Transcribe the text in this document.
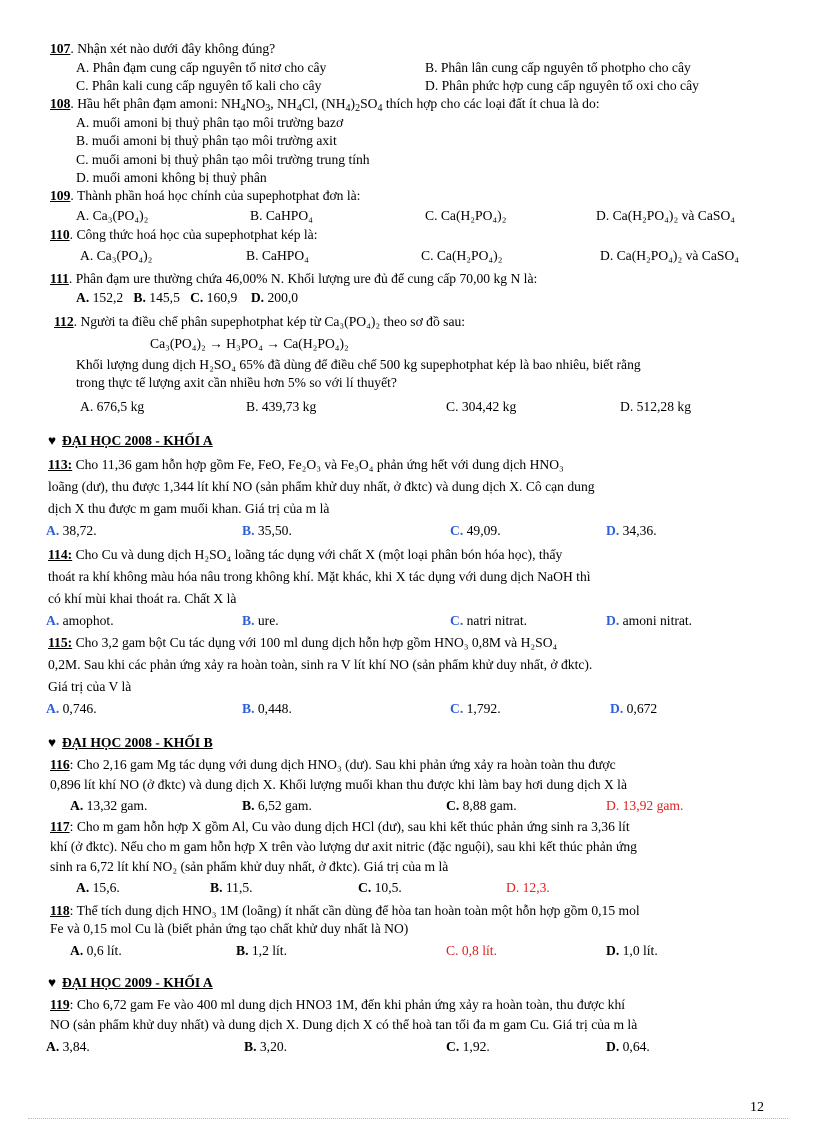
107. Nhận xét nào dưới đây không đúng?
A. Phân đạm cung cấp nguyên tố nitơ cho cây	B. Phân lân cung cấp nguyên tố photpho cho cây
C. Phân kali cung cấp nguyên tố kali cho cây	D. Phân phức hợp cung cấp nguyên tố oxi cho cây
108. Hầu hết phân đạm amoni: $NH_4NO_3$, $NH_4Cl$, $(NH_4)_2SO_4$ thích hợp cho các loại đất ít chua là do:
A. muối amoni bị thuỷ phân tạo môi trường bazơ
B. muối amoni bị thuỷ phân tạo môi trường axit
C. muối amoni bị thuỷ phân tạo môi trường trung tính
D. muối amoni không bị thuỷ phân
109. Thành phần hoá học chính của supephotphat đơn là:
A. Ca₃(PO₄)₂	B. CaHPO₄	C. Ca(H₂PO₄)₂	D. Ca(H₂PO₄)₂ và CaSO₄
110. Công thức hoá học của supephotphat kép là:
A. Ca₃(PO₄)₂	B. CaHPO₄	C. Ca(H₂PO₄)₂	D. Ca(H₂PO₄)₂ và CaSO₄
111. Phân đạm ure thường chứa 46,00% N. Khối lượng ure đủ để cung cấp 70,00 kg N là:
A. 152,2 B. 145,5 C. 160,9 D. 200,0
112. Người ta điều chế phân supephotphat kép từ Ca₃(PO₄)₂ theo sơ đồ sau:
Ca₃(PO₄)₂ → H₃PO₄ → Ca(H₂PO₄)₂
Khối lượng dung dịch H₂SO₄ 65% đã dùng để điều chế 500 kg supephotphat kép là bao nhiêu, biết rằng
trong thực tế lượng axit cần nhiều hơn 5% so với lí thuyết?
A. 676,5 kg	B. 439,73 kg	C. 304,42 kg	D. 512,28 kg
♥ ĐẠI HỌC 2008 - KHỐI A
113: Cho 11,36 gam hỗn hợp gồm Fe, FeO, Fe₂O₃ và Fe₃O₄ phản ứng hết với dung dịch HNO₃
loãng (dư), thu được 1,344 lít khí NO (sản phẩm khử duy nhất, ở đktc) và dung dịch X. Cô cạn dung
dịch X thu được m gam muối khan. Giá trị của m là
A. 38,72.	B. 35,50.	C. 49,09.	D. 34,36.
114: Cho Cu và dung dịch H₂SO₄ loãng tác dụng với chất X (một loại phân bón hóa học), thấy
thoát ra khí không màu hóa nâu trong không khí. Mặt khác, khi X tác dụng với dung dịch NaOH thì
có khí mùi khai thoát ra. Chất X là
A. amophot.	B. ure.	C. natri nitrat.	D. amoni nitrat.
115: Cho 3,2 gam bột Cu tác dụng với 100 ml dung dịch hỗn hợp gồm HNO₃ 0,8M và H₂SO₄
0,2M. Sau khi các phản ứng xảy ra hoàn toàn, sinh ra V lít khí NO (sản phẩm khử duy nhất, ở đktc).
Giá trị của V là
A. 0,746.	B. 0,448.	C. 1,792.	D. 0,672
♥ ĐẠI HỌC 2008 - KHỐI B
116: Cho 2,16 gam Mg tác dụng với dung dịch HNO₃ (dư). Sau khi phản ứng xảy ra hoàn toàn thu được
0,896 lít khí NO (ở đktc) và dung dịch X. Khối lượng muối khan thu được khi làm bay hơi dung dịch X là
A. 13,32 gam.	B. 6,52 gam.	C. 8,88 gam.	D. 13,92 gam.
117: Cho m gam hỗn hợp X gồm Al, Cu vào dung dịch HCl (dư), sau khi kết thúc phản ứng sinh ra 3,36 lít
khí (ở đktc). Nếu cho m gam hỗn hợp X trên vào lượng dư axit nitric (đặc nguội), sau khi kết thúc phản ứng
sinh ra 6,72 lít khí NO₂ (sản phẩm khử duy nhất, ở đktc). Giá trị của m là
A. 15,6.	B. 11,5.	C. 10,5.	D. 12,3.
118: Thể tích dung dịch HNO₃ 1M (loãng) ít nhất cần dùng để hòa tan hoàn toàn một hỗn hợp gồm 0,15 mol
Fe và 0,15 mol Cu là (biết phản ứng tạo chất khử duy nhất là NO)
A. 0,6 lít.	B. 1,2 lít.	C. 0,8 lít.	D. 1,0 lít.
♥ ĐẠI HỌC 2009 - KHỐI A
119: Cho 6,72 gam Fe vào 400 ml dung dịch HNO3 1M, đến khi phản ứng xảy ra hoàn toàn, thu được khí
NO (sản phẩm khử duy nhất) và dung dịch X. Dung dịch X có thể hoà tan tối đa m gam Cu. Giá trị của m là
A. 3,84.	B. 3,20.	C. 1,92.	D. 0,64.
12
